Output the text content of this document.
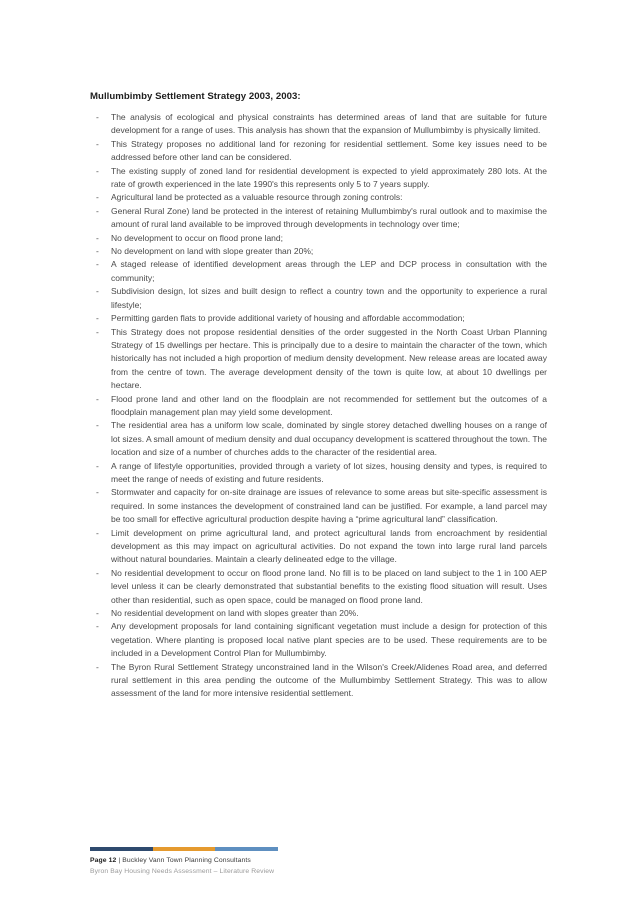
Mullumbimby Settlement Strategy 2003, 2003:
- The analysis of ecological and physical constraints has determined areas of land that are suitable for future development for a range of uses. This analysis has shown that the expansion of Mullumbimby is physically limited.
- This Strategy proposes no additional land for rezoning for residential settlement. Some key issues need to be addressed before other land can be considered.
- The existing supply of zoned land for residential development is expected to yield approximately 280 lots. At the rate of growth experienced in the late 1990's this represents only 5 to 7 years supply.
- Agricultural land be protected as a valuable resource through zoning controls:
- General Rural Zone) land be protected in the interest of retaining Mullumbimby's rural outlook and to maximise the amount of rural land available to be improved through developments in technology over time;
- No development to occur on flood prone land;
- No development on land with slope greater than 20%;
- A staged release of identified development areas through the LEP and DCP process in consultation with the community;
- Subdivision design, lot sizes and built design to reflect a country town and the opportunity to experience a rural lifestyle;
- Permitting garden flats to provide additional variety of housing and affordable accommodation;
- This Strategy does not propose residential densities of the order suggested in the North Coast Urban Planning Strategy of 15 dwellings per hectare. This is principally due to a desire to maintain the character of the town, which historically has not included a high proportion of medium density development. New release areas are located away from the centre of town. The average development density of the town is quite low, at about 10 dwellings per hectare.
- Flood prone land and other land on the floodplain are not recommended for settlement but the outcomes of a floodplain management plan may yield some development.
- The residential area has a uniform low scale, dominated by single storey detached dwelling houses on a range of lot sizes. A small amount of medium density and dual occupancy development is scattered throughout the town. The location and size of a number of churches adds to the character of the residential area.
- A range of lifestyle opportunities, provided through a variety of lot sizes, housing density and types, is required to meet the range of needs of existing and future residents.
- Stormwater and capacity for on-site drainage are issues of relevance to some areas but site-specific assessment is required. In some instances the development of constrained land can be justified. For example, a land parcel may be too small for effective agricultural production despite having a “prime agricultural land” classification.
- Limit development on prime agricultural land, and protect agricultural lands from encroachment by residential development as this may impact on agricultural activities. Do not expand the town into large rural land parcels without natural boundaries. Maintain a clearly delineated edge to the village.
- No residential development to occur on flood prone land. No fill is to be placed on land subject to the 1 in 100 AEP level unless it can be clearly demonstrated that substantial benefits to the existing flood situation will result. Uses other than residential, such as open space, could be managed on flood prone land.
- No residential development on land with slopes greater than 20%.
- Any development proposals for land containing significant vegetation must include a design for protection of this vegetation. Where planting is proposed local native plant species are to be used. These requirements are to be included in a Development Control Plan for Mullumbimby.
- The Byron Rural Settlement Strategy unconstrained land in the Wilson's Creek/Alidenes Road area, and deferred rural settlement in this area pending the outcome of the Mullumbimby Settlement Strategy. This was to allow assessment of the land for more intensive residential settlement.
Page 12 | Buckley Vann Town Planning Consultants
Byron Bay Housing Needs Assessment – Literature Review
